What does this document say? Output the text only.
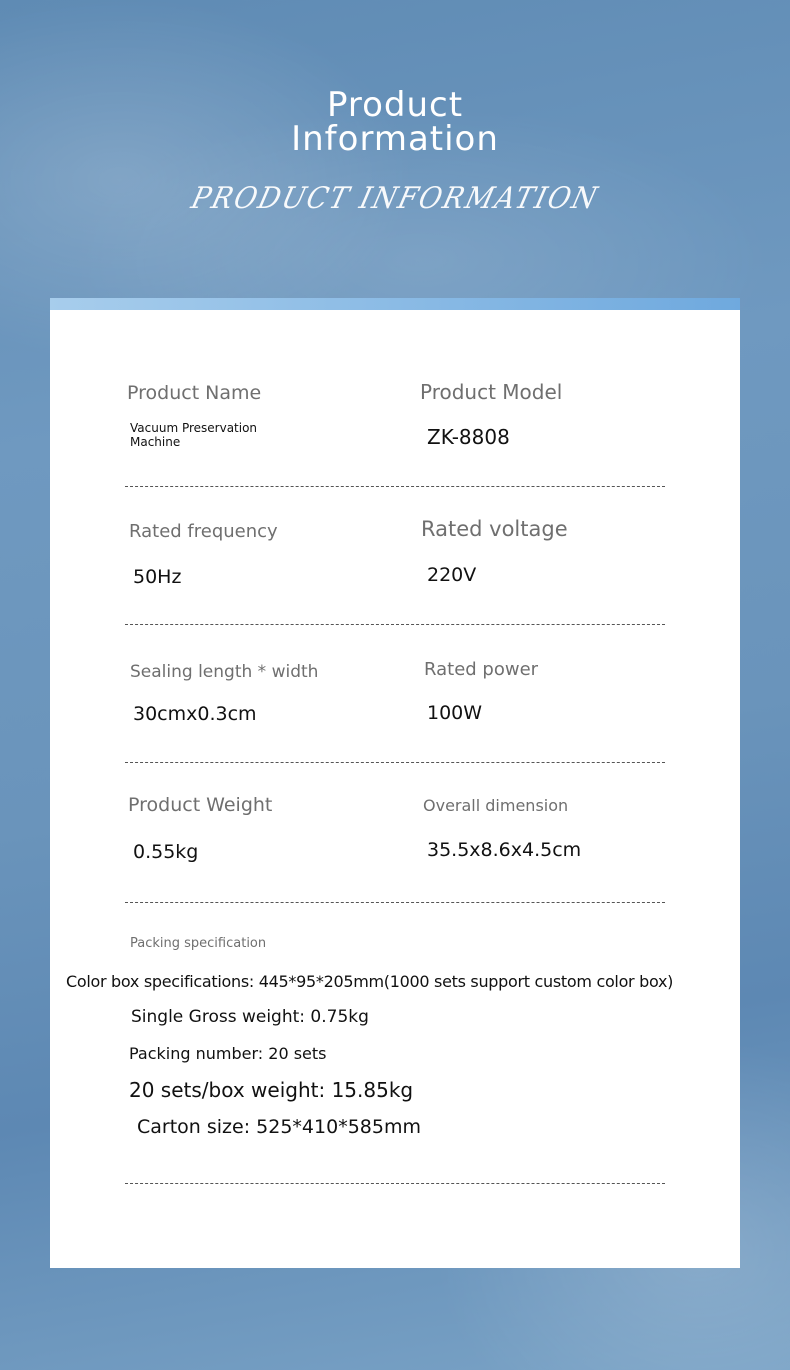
Product
Information
PRODUCT INFORMATION
Product Name
Vacuum Preservation Machine
Product Model
ZK-8808
Rated frequency
50Hz
Rated voltage
220V
Sealing length * width
30cmx0.3cm
Rated power
100W
Product Weight
0.55kg
Overall dimension
35.5x8.6x4.5cm
Packing specification
Color box specifications: 445*95*205mm(1000 sets support custom color box)
Single Gross weight: 0.75kg
Packing number: 20 sets
20 sets/box weight: 15.85kg
Carton size: 525*410*585mm
